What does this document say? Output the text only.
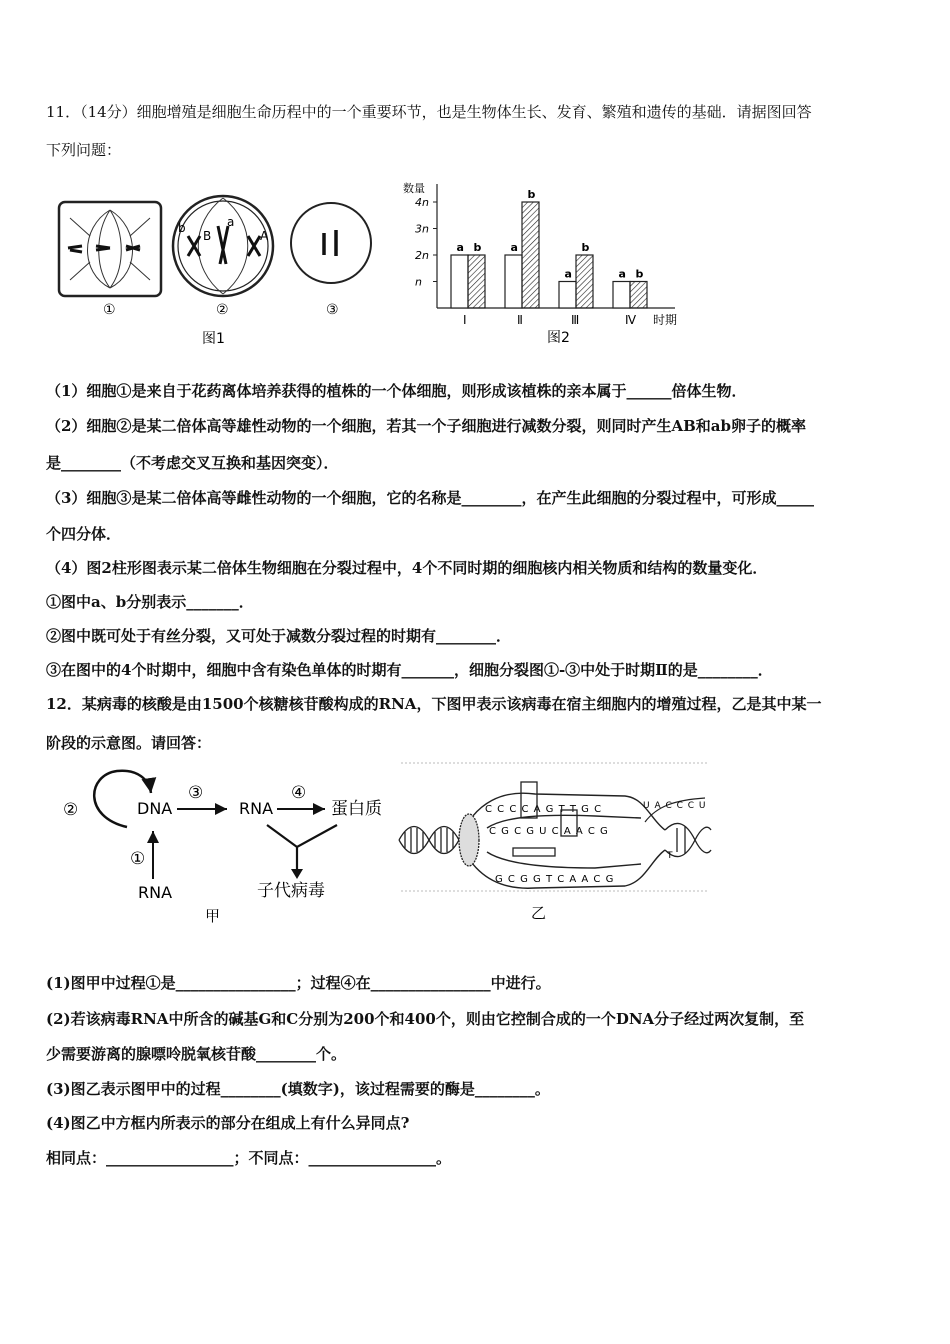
11．（14分）细胞增殖是细胞生命历程中的一个重要环节，也是生物体生长、发育、繁殖和遗传的基础．请据图回答
下列问题：
①
b
B
a
A
②	③
图1
数量
时期
图2
4n
3n
2n
n
a b
Ⅰ
a
b
Ⅱ
a
b
Ⅲ
a b
Ⅳ
（1）细胞①是来自于花药离体培养获得的植株的一个体细胞，则形成该植株的亲本属于______倍体生物．
（2）细胞②是某二倍体高等雄性动物的一个细胞，若其一个子细胞进行减数分裂，则同时产生AB和ab卵子的概率
是________（不考虑交叉互换和基因突变）．
（3）细胞③是某二倍体高等雌性动物的一个细胞，它的名称是________，在产生此细胞的分裂过程中，可形成_____
个四分体．
（4）图2柱形图表示某二倍体生物细胞在分裂过程中，4个不同时期的细胞核内相关物质和结构的数量变化．
①图中a、b分别表示_______．
②图中既可处于有丝分裂，又可处于减数分裂过程的时期有________．
③在图中的4个时期中，细胞中含有染色单体的时期有_______，细胞分裂图①-③中处于时期Ⅱ的是________．
12．某病毒的核酸是由1500个核糖核苷酸构成的RNA，下图甲表示该病毒在宿主细胞内的增殖过程，乙是其中某一
阶段的示意图。请回答：
②	DNA
③
RNA
④
蛋白质
子代病毒
①
RNA
甲
C C C C A G T T G C	U A C C C U
C G C G U C A A C G
G C G G T C A A C G
T
乙
(1)图甲中过程①是________________；过程④在________________中进行。
(2)若该病毒RNA中所含的碱基G和C分别为200个和400个，则由它控制合成的一个DNA分子经过两次复制，至
少需要游离的腺嘌呤脱氧核苷酸________个。
(3)图乙表示图甲中的过程________(填数字)，该过程需要的酶是________。
(4)图乙中方框内所表示的部分在组成上有什么异同点?
相同点：_________________；不同点：_________________。
